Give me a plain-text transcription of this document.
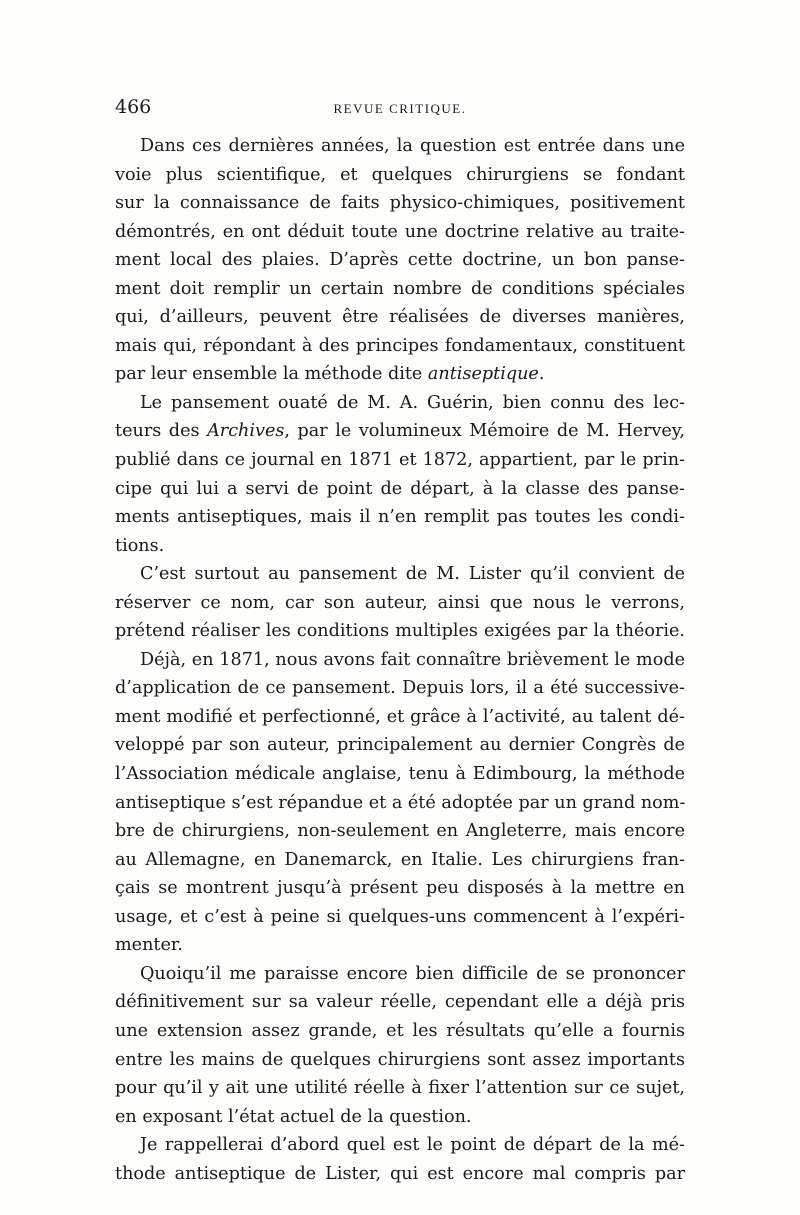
466	REVUE CRITIQUE.
Dans ces dernières années, la question est entrée dans une
voie plus scientifique, et quelques chirurgiens se fondant
sur la connaissance de faits physico-chimiques, positivement
démontrés, en ont déduit toute une doctrine relative au traite-
ment local des plaies. D’après cette doctrine, un bon panse-
ment doit remplir un certain nombre de conditions spéciales
qui, d’ailleurs, peuvent être réalisées de diverses manières,
mais qui, répondant à des principes fondamentaux, constituent
par leur ensemble la méthode dite antiseptique.
Le pansement ouaté de M. A. Guérin, bien connu des lec-
teurs des Archives, par le volumineux Mémoire de M. Hervey,
publié dans ce journal en 1871 et 1872, appartient, par le prin-
cipe qui lui a servi de point de départ, à la classe des panse-
ments antiseptiques, mais il n’en remplit pas toutes les condi-
tions.
C’est surtout au pansement de M. Lister qu’il convient de
réserver ce nom, car son auteur, ainsi que nous le verrons,
prétend réaliser les conditions multiples exigées par la théorie.
Déjà, en 1871, nous avons fait connaître brièvement le mode
d’application de ce pansement. Depuis lors, il a été successive-
ment modifié et perfectionné, et grâce à l’activité, au talent dé-
veloppé par son auteur, principalement au dernier Congrès de
l’Association médicale anglaise, tenu à Edimbourg, la méthode
antiseptique s’est répandue et a été adoptée par un grand nom-
bre de chirurgiens, non-seulement en Angleterre, mais encore
au Allemagne, en Danemarck, en Italie. Les chirurgiens fran-
çais se montrent jusqu’à présent peu disposés à la mettre en
usage, et c’est à peine si quelques-uns commencent à l’expéri-
menter.
Quoiqu’il me paraisse encore bien difficile de se prononcer
définitivement sur sa valeur réelle, cependant elle a déjà pris
une extension assez grande, et les résultats qu’elle a fournis
entre les mains de quelques chirurgiens sont assez importants
pour qu’il y ait une utilité réelle à fixer l’attention sur ce sujet,
en exposant l’état actuel de la question.
Je rappellerai d’abord quel est le point de départ de la mé-
thode antiseptique de Lister, qui est encore mal compris par
